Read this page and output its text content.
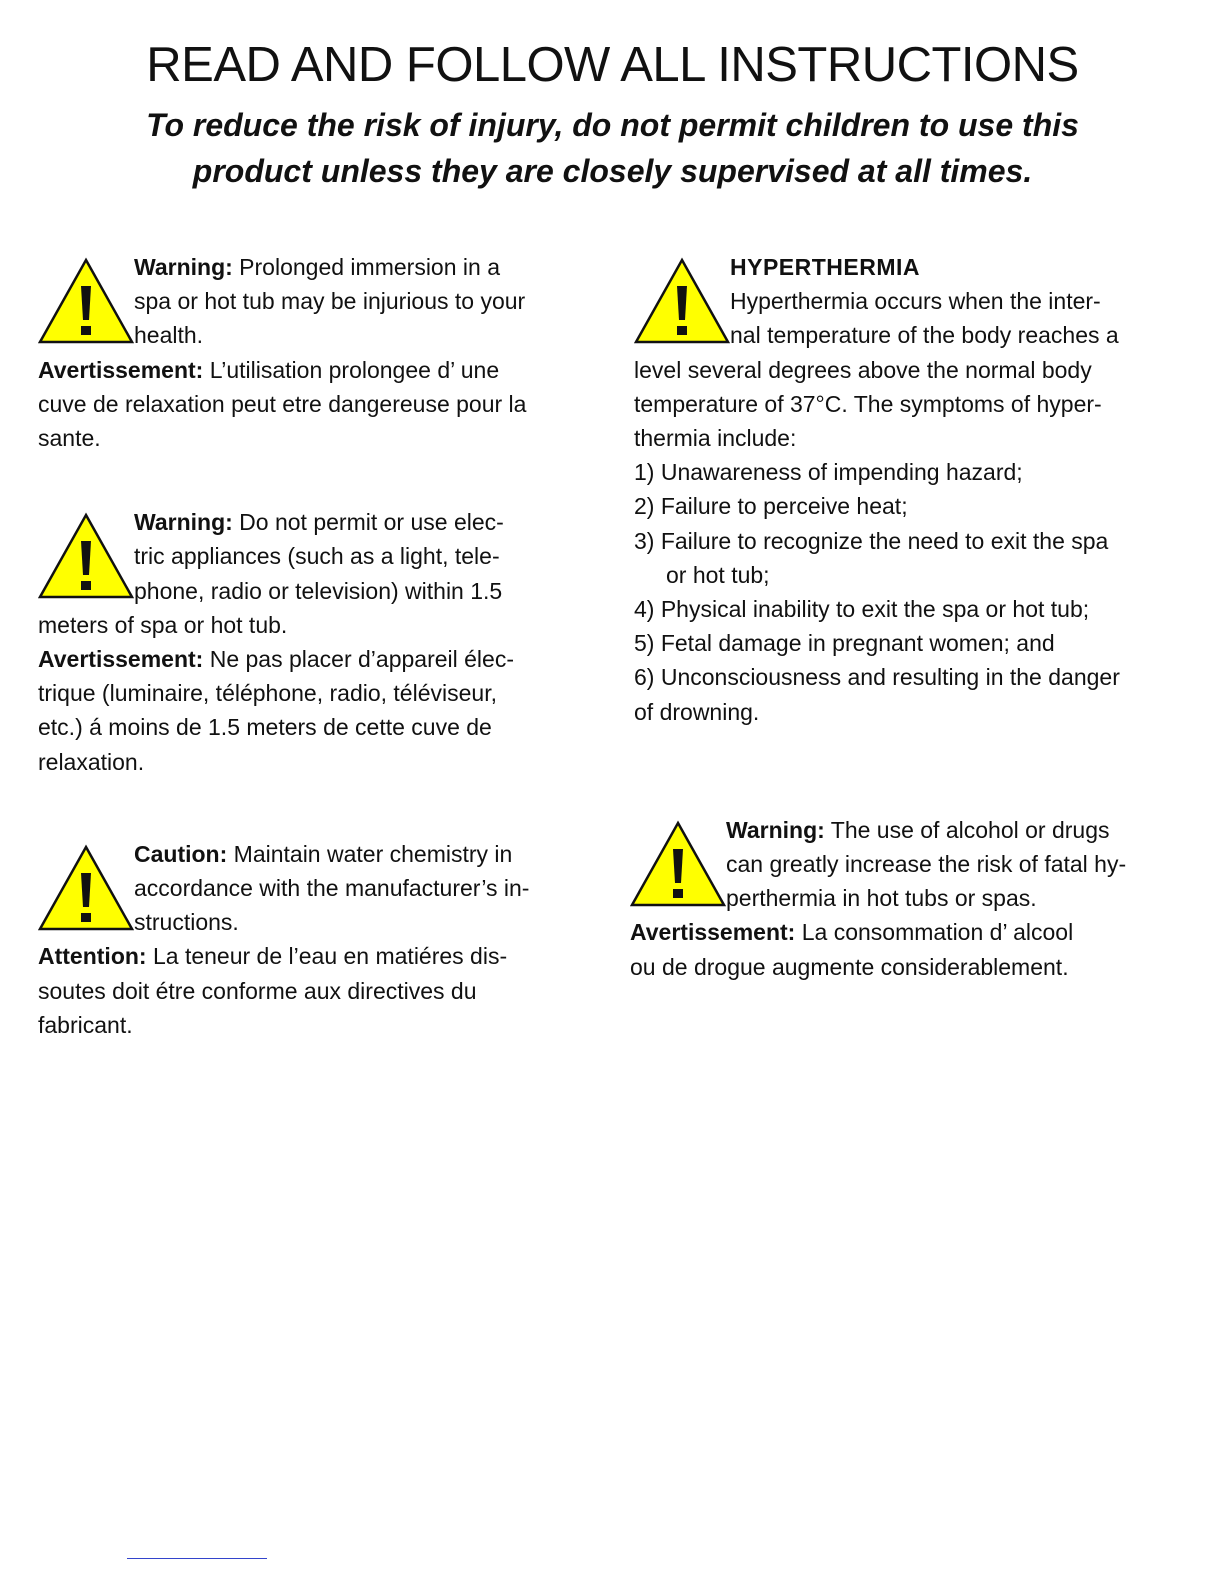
READ AND FOLLOW ALL INSTRUCTIONS

To reduce the risk of injury, do not permit children to use this
product unless they are closely supervised at all times.

Warning: Prolonged immersion in a
spa or hot tub may be injurious to your
health.
Avertissement: L’utilisation prolongee d’ une
cuve de relaxation peut etre dangereuse pour la
sante.
Warning: Do not permit or use elec-
tric appliances (such as a light, tele-
phone, radio or television) within 1.5
meters of spa or hot tub.
Avertissement: Ne pas placer d’appareil élec-
trique (luminaire, téléphone, radio, téléviseur,
etc.) á moins de 1.5 meters de cette cuve de
relaxation.
Caution: Maintain water chemistry in
accordance with the manufacturer’s in-
structions.
Attention: La teneur de l’eau en matiéres dis-
soutes doit étre conforme aux directives du
fabricant.
HYPERTHERMIA
Hyperthermia occurs when the inter-
nal temperature of the body reaches a
level several degrees above the normal body
temperature of 37°C. The symptoms of hyper-
thermia include:
1) Unawareness of impending hazard;
2) Failure to perceive heat;
3) Failure to recognize the need to exit the spa
or hot tub;
4) Physical inability to exit the spa or hot tub;
5) Fetal damage in pregnant women; and
6) Unconsciousness and resulting in the danger
of drowning.
Warning: The use of alcohol or drugs
can greatly increase the risk of fatal hy-
perthermia in hot tubs or spas.
Avertissement: La consommation d’ alcool
ou de drogue augmente considerablement.
